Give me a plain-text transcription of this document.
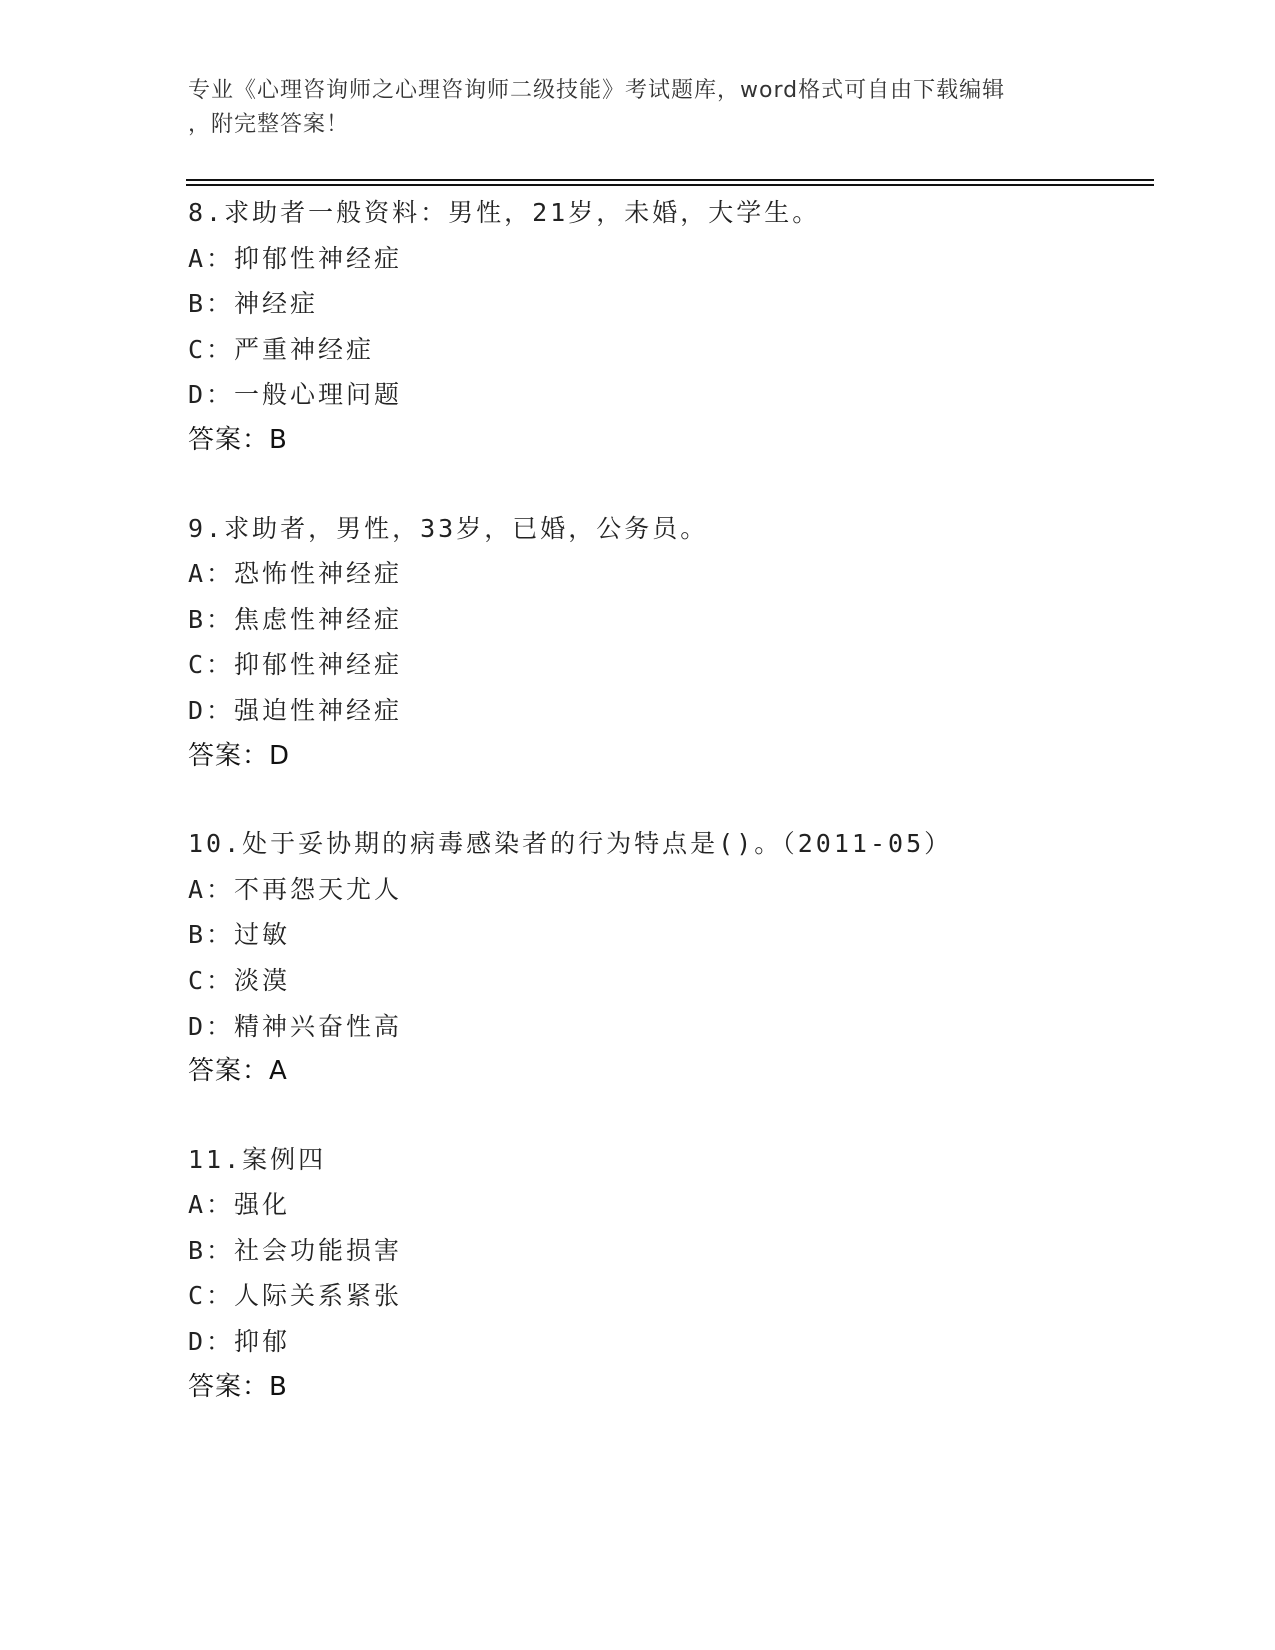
专业《心理咨询师之心理咨询师二级技能》考试题库，word格式可自由下载编辑
，附完整答案！
8.求助者一般资料：男性，21岁，未婚，大学生。
A：抑郁性神经症
B：神经症
C：严重神经症
D：一般心理问题
答案：B
9.求助者，男性，33岁，已婚，公务员。
A：恐怖性神经症
B：焦虑性神经症
C：抑郁性神经症
D：强迫性神经症
答案：D
10.处于妥协期的病毒感染者的行为特点是()。（2011-05）
A：不再怨天尤人
B：过敏
C：淡漠
D：精神兴奋性高
答案：A
11.案例四
A：强化
B：社会功能损害
C：人际关系紧张
D：抑郁
答案：B
